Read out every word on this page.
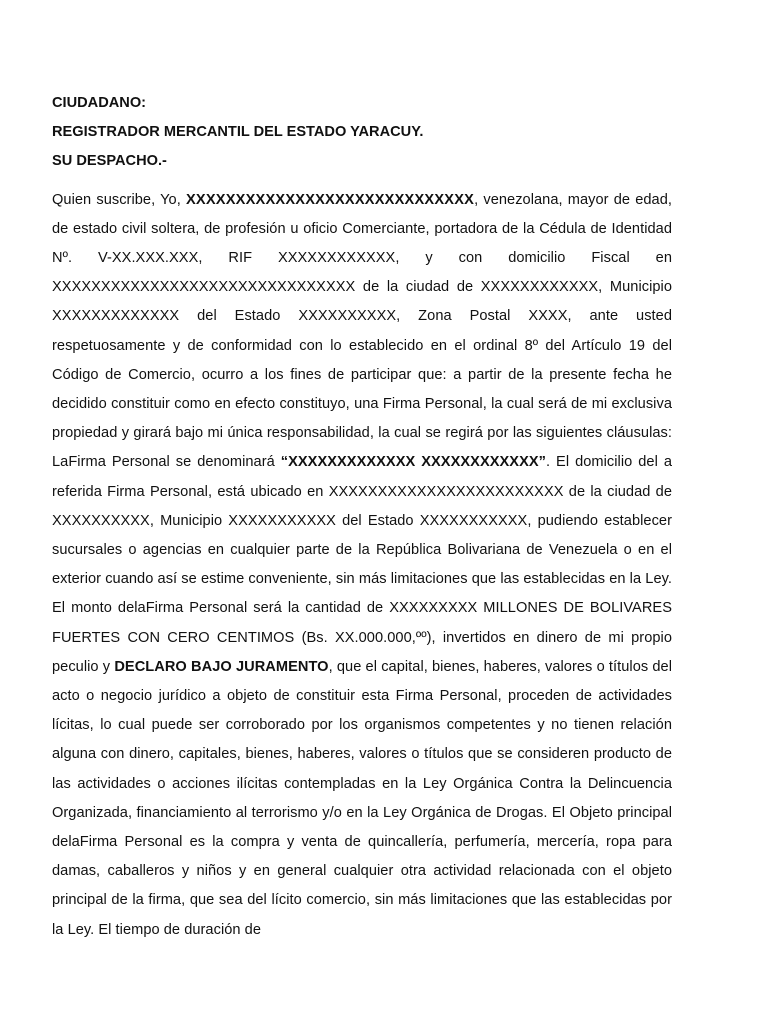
CIUDADANO:

REGISTRADOR MERCANTIL DEL ESTADO YARACUY.

SU DESPACHO.-

Quien suscribe, Yo, XXXXXXXXXXXXXXXXXXXXXXXXXXXXX, venezolana, mayor de edad, de estado civil soltera, de profesión u oficio Comerciante, portadora de la Cédula de Identidad Nº. V-XX.XXX.XXX, RIF XXXXXXXXXXXX, y con domicilio Fiscal en XXXXXXXXXXXXXXXXXXXXXXXXXXXXXXX de la ciudad de XXXXXXXXXXXX, Municipio XXXXXXXXXXXXX del Estado XXXXXXXXXX, Zona Postal XXXX, ante usted respetuosamente y de conformidad con lo establecido en el ordinal 8º del Artículo 19 del Código de Comercio, ocurro a los fines de participar que: a partir de la presente fecha he decidido constituir como en efecto constituyo, una Firma Personal, la cual será de mi exclusiva propiedad y girará bajo mi única responsabilidad, la cual se regirá por las siguientes cláusulas: LaFirma Personal se denominará “XXXXXXXXXXXXX XXXXXXXXXXXX”. El domicilio del a referida Firma Personal, está ubicado en XXXXXXXXXXXXXXXXXXXXXXXX de la ciudad de XXXXXXXXXX, Municipio XXXXXXXXXXX del Estado XXXXXXXXXXX, pudiendo establecer sucursales o agencias en cualquier parte de la República Bolivariana de Venezuela o en el exterior cuando así se estime conveniente, sin más limitaciones que las establecidas en la Ley. El monto delaFirma Personal será la cantidad de XXXXXXXXX MILLONES DE BOLIVARES FUERTES CON CERO CENTIMOS (Bs. XX.000.000,ºº), invertidos en dinero de mi propio peculio y DECLARO BAJO JURAMENTO, que el capital, bienes, haberes, valores o títulos del acto o negocio jurídico a objeto de constituir esta Firma Personal, proceden de actividades lícitas, lo cual puede ser corroborado por los organismos competentes y no tienen relación alguna con dinero, capitales, bienes, haberes, valores o títulos que se consideren producto de las actividades o acciones ilícitas contempladas en la Ley Orgánica Contra la Delincuencia Organizada, financiamiento al terrorismo y/o en la Ley Orgánica de Drogas. El Objeto principal delaFirma Personal es la compra y venta de quincallería, perfumería, mercería, ropa para damas, caballeros y niños y en general cualquier otra actividad relacionada con el objeto principal de la firma, que sea del lícito comercio, sin más limitaciones que las establecidas por la Ley. El tiempo de duración de
